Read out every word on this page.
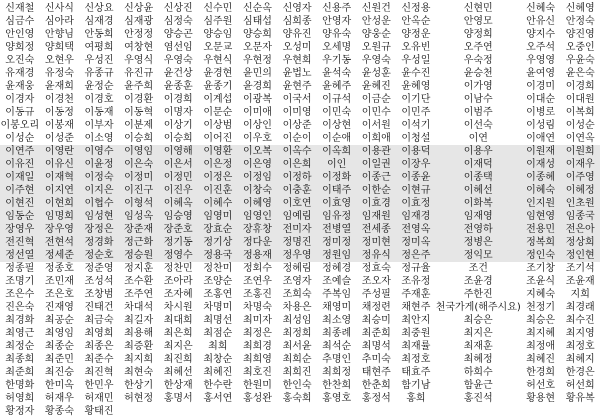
신재철	신사식	신상요	신상윤	신상진	신수민	신순옥	신영자	신용주	신원건	신정용	신현민	신혜숙	신혜영
심금수	심아라	심재경	심재광	심정숙	심주원	심태섭	심희종	안영자	안성운	안옥순	안영모	안유신	안정숙
안인영	안향님	안동희	안정정	양승곤	양승임	양승희	양유진	양유숙	양웅순	양정운	양정희	양지수	양진영
양희정	양희택	여평희	여창현	염선임	오문교	오문자	오성미	오세명	오원규	오유빈	오주연	오주석	오중인
오진숙	오현우	우성진	우영식	우영숙	우현식	우현정	우현희	우기동	우영숙	우성일	우숙정	우영영	우윤숙
유재경	유정숙	유종규	유진규	윤건상	윤경현	윤민의	윤법노	윤석숙	윤성훈	윤수진	윤승천	윤여영	윤은숙
윤재웅	윤재희	윤정순	윤주희	윤종훈	윤종기	윤경희	윤현주	윤혜주	윤혜진	윤혜영	이가영	이경미	이경희
이경자	이경천	이경호	이경환	이경희	이계섭	이광복	이국서	이규석	이금순	이기단	이남수	이대순	이대원
이동규	이동정	이동재	이동혁	이명자	이문순	이미애	이미영	이민숙	이민수	이민주	이범주	이병로	이복희
이봉오리 이봉재	이부자	이분제	이상기	이상범	이상인	이상준	이상현	이서원	이석기	이선숙	이성림	이성순
이성순	이성준	이소영	이승희	이승희	이어진	이우호	이순이	이순애	이희애	이청설	이연	이애연	이연옥
이연주	이영란	이영수	이영임	이영해	이영환	이오복	이옥수	이옥희	이용관	이용덕	이용우	이원재	이원희
이유진	이유신	이윤정	이은숙	이은서	이은정	이은영	이은희	이인	이일권	이장우	이재덕	이재성	이재우
이재일	이재혁	이정숙	이정미	이정민	이정은	이정임	이정하	이정화	이종근	이종윤	이종택	이종혜	이주영
이주현	이지연	이지은	이진구	이진우	이진훈	이창숙	이충훈	이태주	이한순	이현규	이혜선	이혜숙	이혜정
이현진	이현희	이협수	이형석	이혜옥	이혜수	이혜영	이호연	이효영	이효경	이효정	이화복	인지원	인초원
임동순	임명희	임성현	임성옥	임승영	임영미	임영인	임예림	임유정	임재원	임재경	임재영	임현영	임종국
장영우	장우영	장정은	장준재	장준호	장효순	장휴창	전미자	전병열	전세종	전영옥	전영하	전용민	전은아
전진혁	전현석	정경화	정근화	정기동	정기상	정다운	정명진	정미정	정미현	정미옥	정병은	정복희	정상희
정선열	정세준	정순호	정승원	정영수	정용국	정용재	정우영	정원임	정유식	정은주	정익모	정인숙	정인현
정종필	정종호	정준영	정지훈	정찬민	정찬미	정회수	정혜림	정혜경	정효숙	정규율	조건	조기창	조기석
조명기	조민재	조성석	조수환	조아라	조양순	조연우	조영자	조예슬	조오자	조유정	조윤경	조윤식	조윤재
조은수	조은호	조창범	조주연	조자혜	조홍연	조홍진	조희숙	주복임	주성필	주재훈	주한진	지혜숙	지희
진은숙	진재영	진태건	차대석	차시원	차명미	차명숙	차용은	채영미	채정련	채현주 천국가게(해주시요) 천정기	최경래
최경화	최공순	최금숙	최길자	최대희	최명선	최미자	최성임	최소영	최승미	최안지	최승은	최승은	최수진
최영근	최영임	최영희	최용해	최은희	최점순	최정은	최정희	최종례	최준희	최중원	최지은	최지혜	최지영
최정순	최종순	최종은	최증환	최지은	최희	최희경	최서윤	최석순	최명석	최재률	최재훈	최정애	최정호
최종희	최준민	최준수	최지희	최진희	최창순	최희영	최희순	추명인	추미숙	최정호	최혜정	최혜진	최혜지
최준희	최진승	최진혁	최현숙	최혜선	최혜진	최호진	최희진	최희정	태현주	태효주	하희수	한경희	한경은
한명화	한미옥	한민우	한상기	한상재	한수란	한원미	한인숙	한찬희	한춘희	함기남	함윤근	허선호	허선희
허영희	허재우	허재민	허현정	홍명서	홍서연	홍성완	홍숙희	홍영호	홍정석	홍희	홍진석	황용현	황유복
황정자	황종숙	황태진
